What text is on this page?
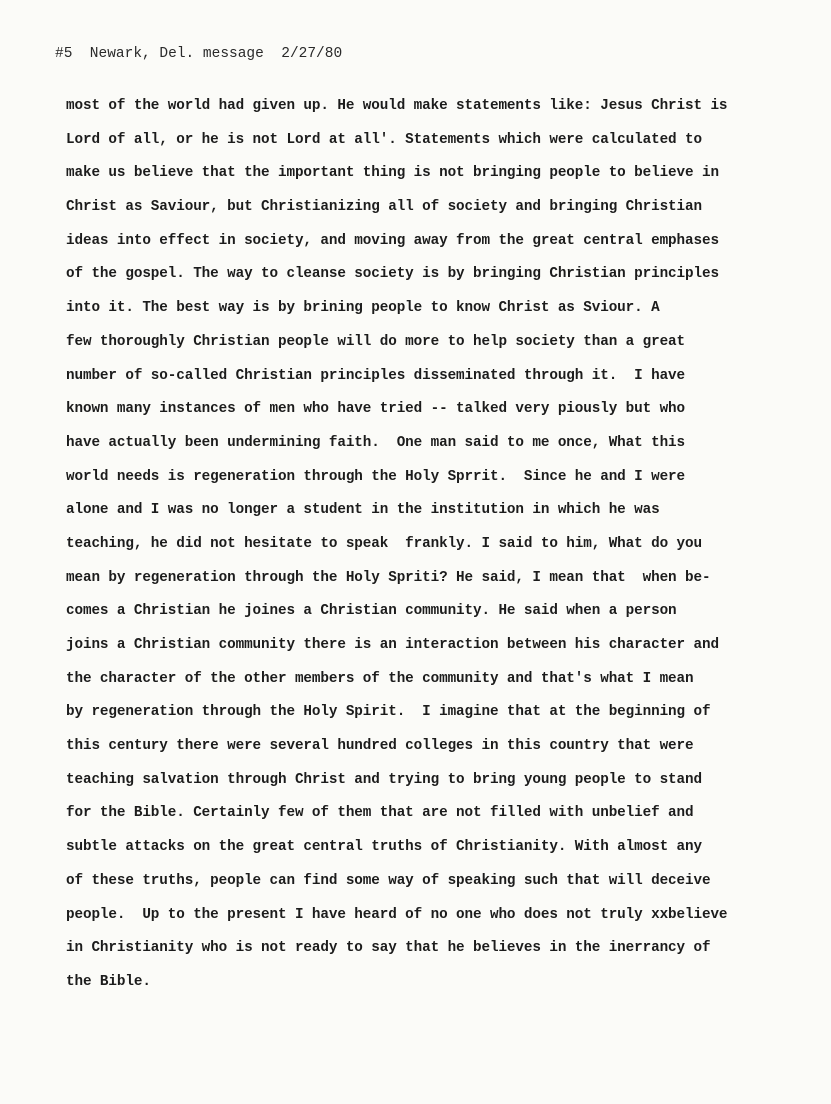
#5  Newark, Del. message  2/27/80
most of the world had given up. He would make statements like: Jesus Christ is
Lord of all, or he is not Lord at all'. Statements which were calculated to
make us believe that the important thing is not bringing people to believe in
Christ as Saviour, but Christianizing all of society and bringing Christian
ideas into effect in society, and moving away from the great central emphases
of the gospel. The way to cleanse society is by bringing Christian principles
into it. The best way is by brining people to know Christ as Sviour. A
few thoroughly Christian people will do more to help society than a great
number of so-called Christian principles disseminated through it.  I have
known many instances of men who have tried -- talked very piously but who
have actually been undermining faith.  One man said to me once, What this
world needs is regeneration through the Holy Sprrit.  Since he and I were
alone and I was no longer a student in the institution in which he was
teaching, he did not hesitate to speak  frankly. I said to him, What do you
mean by regeneration through the Holy Spriti? He said, I mean that  when be-
comes a Christian he joines a Christian community. He said when a person
joins a Christian community there is an interaction between his character and
the character of the other members of the community and that's what I mean
by regeneration through the Holy Spirit.  I imagine that at the beginning of
this century there were several hundred colleges in this country that were
teaching salvation through Christ and trying to bring young people to stand
for the Bible. Certainly few of them that are not filled with unbelief and
subtle attacks on the great central truths of Christianity. With almost any
of these truths, people can find some way of speaking such that will deceive
people.  Up to the present I have heard of no one who does not truly xxbelieve
in Christianity who is not ready to say that he believes in the inerrancy of
the Bible.
